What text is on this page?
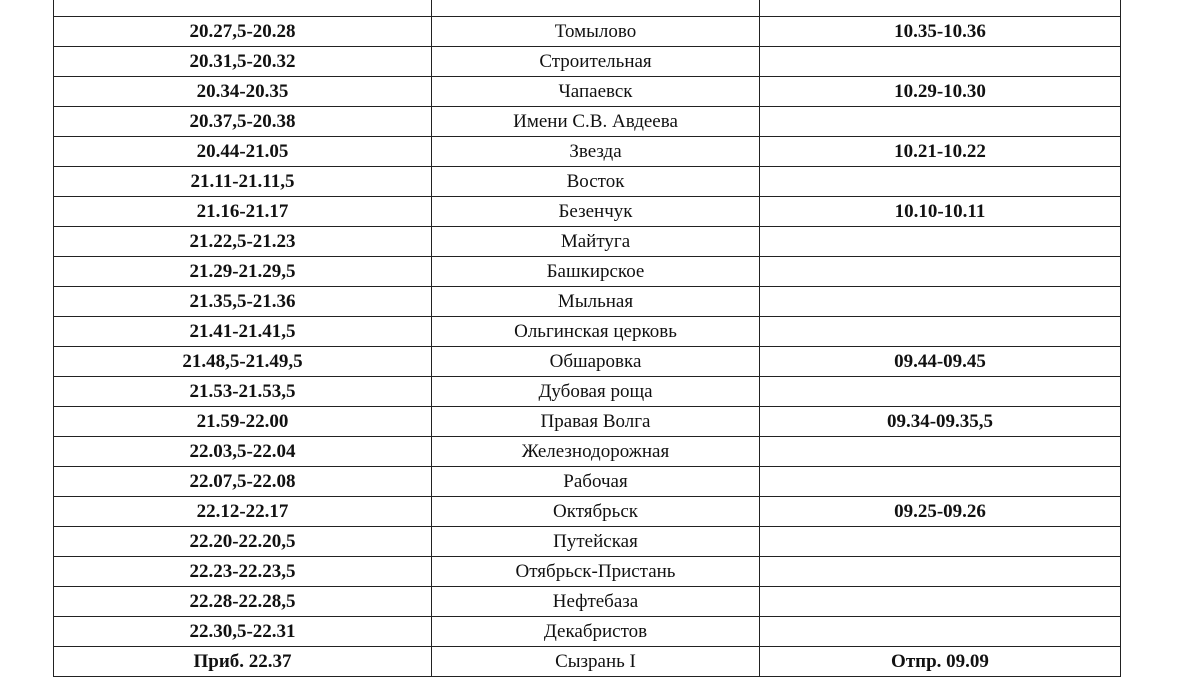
20.27,5-20.28	Томылово	10.35-10.36
20.31,5-20.32	Строительная	
20.34-20.35	Чапаевск	10.29-10.30
20.37,5-20.38	Имени С.В. Авдеева	
20.44-21.05	Звезда	10.21-10.22
21.11-21.11,5	Восток	
21.16-21.17	Безенчук	10.10-10.11
21.22,5-21.23	Майтуга	
21.29-21.29,5	Башкирское	
21.35,5-21.36	Мыльная	
21.41-21.41,5	Ольгинская церковь	
21.48,5-21.49,5	Обшаровка	09.44-09.45
21.53-21.53,5	Дубовая роща	
21.59-22.00	Правая Волга	09.34-09.35,5
22.03,5-22.04	Железнодорожная	
22.07,5-22.08	Рабочая	
22.12-22.17	Октябрьск	09.25-09.26
22.20-22.20,5	Путейская	
22.23-22.23,5	Отябрьск-Пристань	
22.28-22.28,5	Нефтебаза	
22.30,5-22.31	Декабристов	
Приб. 22.37	Сызрань I	Отпр. 09.09
